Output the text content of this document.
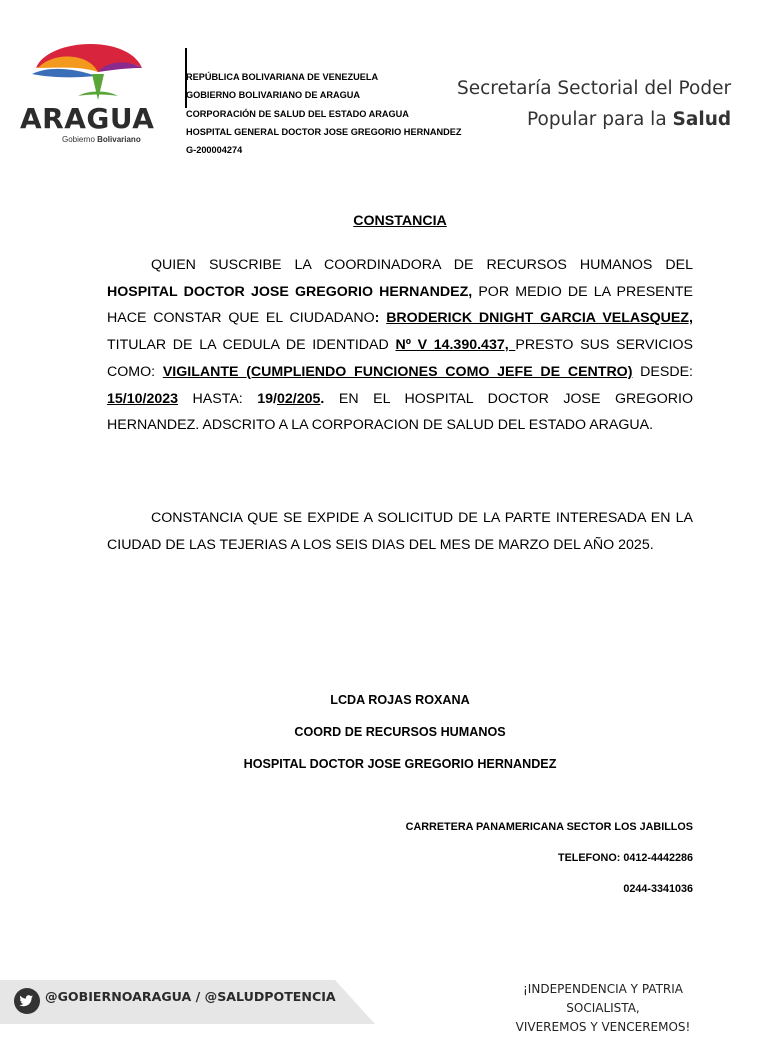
ARAGUA
Gobierno Bolivariano
REPÚBLICA BOLIVARIANA DE VENEZUELA
GOBIERNO BOLIVARIANO DE ARAGUA
CORPORACIÓN DE SALUD DEL ESTADO ARAGUA
HOSPITAL GENERAL DOCTOR JOSE GREGORIO HERNANDEZ
G-200004274
Secretaría Sectorial del Poder
Popular para la Salud
CONSTANCIA
QUIEN SUSCRIBE LA COORDINADORA DE RECURSOS HUMANOS DEL HOSPITAL DOCTOR JOSE GREGORIO HERNANDEZ, POR MEDIO DE LA PRESENTE HACE CONSTAR QUE EL CIUDADANO: BRODERICK DNIGHT GARCIA VELASQUEZ, TITULAR DE LA CEDULA DE IDENTIDAD Nº V 14.390.437, PRESTO SUS SERVICIOS COMO: VIGILANTE (CUMPLIENDO FUNCIONES COMO JEFE DE CENTRO) DESDE: 15/10/2023 HASTA: 19/02/205. EN EL HOSPITAL DOCTOR JOSE GREGORIO HERNANDEZ. ADSCRITO A LA CORPORACION DE SALUD DEL ESTADO ARAGUA.
CONSTANCIA QUE SE EXPIDE A SOLICITUD DE LA PARTE INTERESADA EN LA CIUDAD DE LAS TEJERIAS A LOS SEIS DIAS DEL MES DE MARZO DEL AÑO 2025.
LCDA ROJAS ROXANA
COORD DE RECURSOS HUMANOS
HOSPITAL DOCTOR JOSE GREGORIO HERNANDEZ
CARRETERA PANAMERICANA SECTOR LOS JABILLOS
TELEFONO: 0412-4442286
0244-3341036
@GOBIERNOARAGUA / @SALUDPOTENCIA	¡INDEPENDENCIA Y PATRIA SOCIALISTA,
VIVEREMOS Y VENCEREMOS!
